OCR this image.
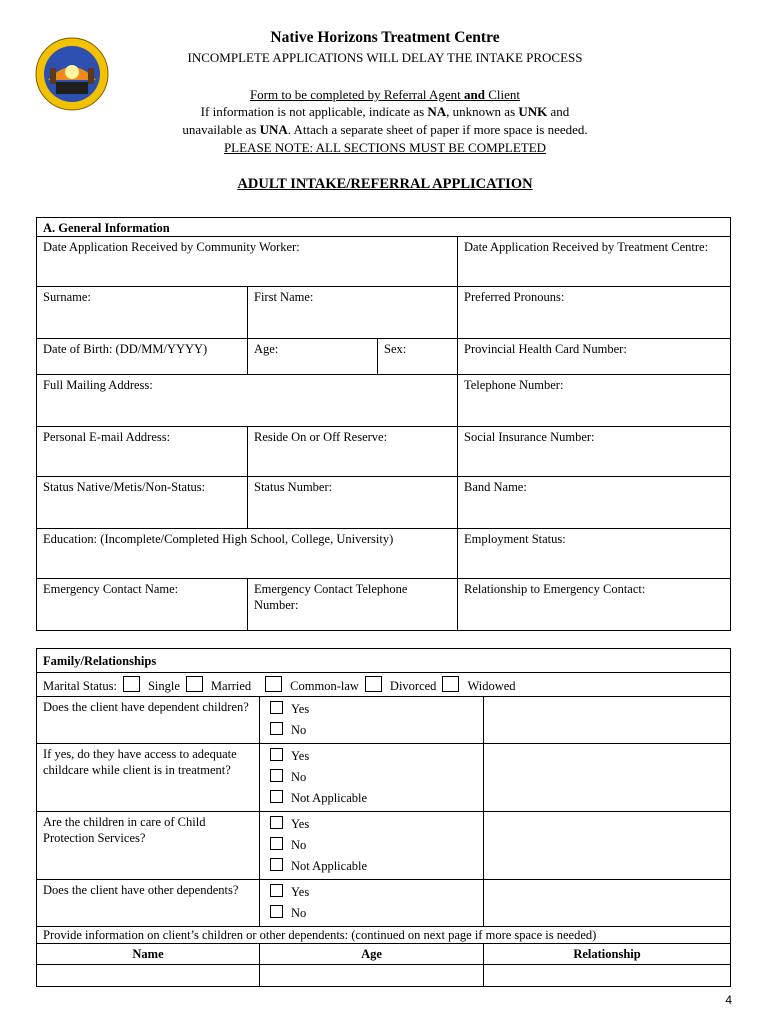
Native Horizons Treatment Centre
INCOMPLETE APPLICATIONS WILL DELAY THE INTAKE PROCESS
Form to be completed by Referral Agent and Client
If information is not applicable, indicate as NA, unknown as UNK and
unavailable as UNA. Attach a separate sheet of paper if more space is needed.
PLEASE NOTE: ALL SECTIONS MUST BE COMPLETED
ADULT INTAKE/REFERRAL APPLICATION
A. General Information			
Date Application Received by Community Worker:			Date Application Received by Treatment Centre:
Surname:	First Name:		Preferred Pronouns:
Date of Birth: (DD/MM/YYYY)	Age:	Sex:	Provincial Health Card Number:
Full Mailing Address:			Telephone Number:
Personal E-mail Address:	Reside On or Off Reserve:		Social Insurance Number:
Status Native/Metis/Non-Status:	Status Number:		Band Name:
Education: (Incomplete/Completed High School, College, University)			Employment Status:
Emergency Contact Name:	Emergency Contact Telephone Number:		Relationship to Emergency Contact:
Family/Relationships		
Marital Status: Single Married Common-law Divorced Widowed		
Does the client have dependent children?	Yes
No	

If yes, do they have access to adequate childcare while client is in treatment?	Yes
No
Not Applicable	

Are the children in care of Child Protection Services?	Yes
No
Not Applicable	

Does the client have other dependents?	Yes
No	

Provide information on client’s children or other dependents: (continued on next page if more space is needed)		
Name	Age	Relationship

4
